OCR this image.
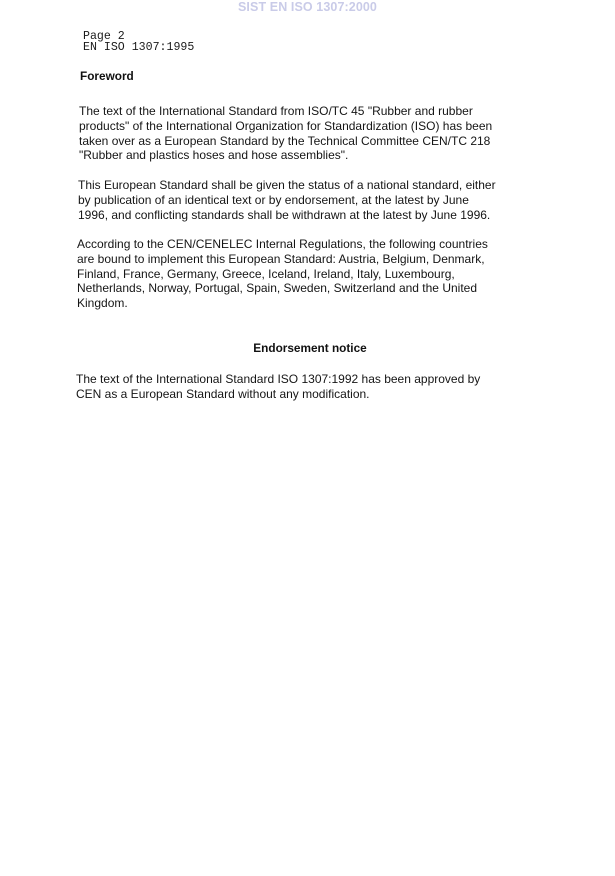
SIST EN ISO 1307:2000
Page 2
EN ISO 1307:1995
Foreword
The text of the International Standard from ISO/TC 45 "Rubber and rubber
products" of the International Organization for Standardization (ISO) has been
taken over as a European Standard by the Technical Committee CEN/TC 218
"Rubber and plastics hoses and hose assemblies".
This European Standard shall be given the status of a national standard, either
by publication of an identical text or by endorsement, at the latest by June
1996, and conflicting standards shall be withdrawn at the latest by June 1996.
According to the CEN/CENELEC Internal Regulations, the following countries
are bound to implement this European Standard: Austria, Belgium, Denmark,
Finland, France, Germany, Greece, Iceland, Ireland, Italy, Luxembourg,
Netherlands, Norway, Portugal, Spain, Sweden, Switzerland and the United
Kingdom.
Endorsement notice
The text of the International Standard ISO 1307:1992 has been approved by
CEN as a European Standard without any modification.
